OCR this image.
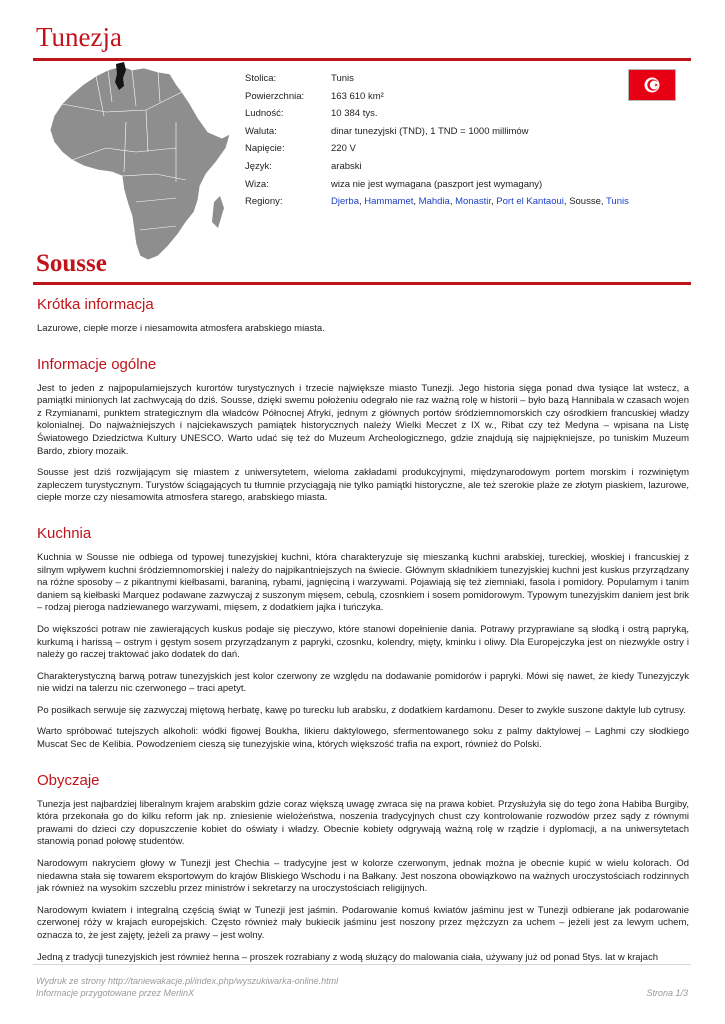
Tunezja
Stolica:	Tunis
Powierzchnia:	163 610 km²
Ludność:	10 384 tys.
Waluta:	dinar tunezyjski (TND), 1 TND = 1000 millimów
Napięcie:	220 V
Język:	arabski
Wiza:	wiza nie jest wymagana (paszport jest wymagany)
Regiony:	Djerba, Hammamet, Mahdia, Monastir, Port el Kantaoui, Sousse, Tunis
Sousse
Krótka informacja

Lazurowe, ciepłe morze i niesamowita atmosfera arabskiego miasta.

Informacje ogólne

Jest to jeden z najpopularniejszych kurortów turystycznych i trzecie największe miasto Tunezji. Jego historia sięga ponad dwa tysiące lat wstecz, a pamiątki minionych lat zachwycają do dziś. Sousse, dzięki swemu położeniu odegrało nie raz ważną rolę w historii – było bazą Hannibala w czasach wojen z Rzymianami, punktem strategicznym dla władców Północnej Afryki, jednym z głównych portów śródziemnomorskich czy ośrodkiem francuskiej władzy kolonialnej. Do najważniejszych i najciekawszych pamiątek historycznych należy Wielki Meczet z IX w., Ribat czy też Medyna – wpisana na Listę Światowego Dziedzictwa Kultury UNESCO. Warto udać się też do Muzeum Archeologicznego, gdzie znajdują się najpiękniejsze, po tuniskim Muzeum Bardo, zbiory mozaik.

Sousse jest dziś rozwijającym się miastem z uniwersytetem, wieloma zakładami produkcyjnymi, międzynarodowym portem morskim i rozwiniętym zapleczem turystycznym. Turystów ściągających tu tłumnie przyciągają nie tylko pamiątki historyczne, ale też szerokie plaże ze złotym piaskiem, lazurowe, ciepłe morze czy niesamowita atmosfera starego, arabskiego miasta.

Kuchnia

Kuchnia w Sousse nie odbiega od typowej tunezyjskiej kuchni, która charakteryzuje się mieszanką kuchni arabskiej, tureckiej, włoskiej i francuskiej z silnym wpływem kuchni śródziemnomorskiej i należy do najpikantniejszych na świecie. Głównym składnikiem tunezyjskiej kuchni jest kuskus przyrządzany na różne sposoby – z pikantnymi kiełbasami, baraniną, rybami, jagnięciną i warzywami. Pojawiają się też ziemniaki, fasola i pomidory. Popularnym i tanim daniem są kiełbaski Marquez podawane zazwyczaj z suszonym mięsem, cebulą, czosnkiem i sosem pomidorowym. Typowym tunezyjskim daniem jest brik – rodzaj pieroga nadziewanego warzywami, mięsem, z dodatkiem jajka i tuńczyka.

Do większości potraw nie zawierających kuskus podaje się pieczywo, które stanowi dopełnienie dania. Potrawy przyprawiane są słodką i ostrą papryką, kurkumą i harissą – ostrym i gęstym sosem przyrządzanym z papryki, czosnku, kolendry, mięty, kminku i oliwy. Dla Europejczyka jest on niezwykle ostry i należy go raczej traktować jako dodatek do dań.

Charakterystyczną barwą potraw tunezyjskich jest kolor czerwony ze względu na dodawanie pomidorów i papryki. Mówi się nawet, że kiedy Tunezyjczyk nie widzi na talerzu nic czerwonego – traci apetyt.

Po posiłkach serwuje się zazwyczaj miętową herbatę, kawę po turecku lub arabsku, z dodatkiem kardamonu. Deser to zwykle suszone daktyle lub cytrusy.

Warto spróbować tutejszych alkoholi: wódki figowej Boukha, likieru daktylowego, sfermentowanego soku z palmy daktylowej – Laghmi czy słodkiego Muscat Sec de Kelibia. Powodzeniem cieszą się tunezyjskie wina, których większość trafia na export, również do Polski.

Obyczaje

Tunezja jest najbardziej liberalnym krajem arabskim gdzie coraz większą uwagę zwraca się na prawa kobiet. Przysłużyła się do tego żona Habiba Burgiby, która przekonała go do kilku reform jak np. zniesienie wielożeństwa, noszenia tradycyjnych chust czy kontrolowanie rozwodów przez sądy z równymi prawami do dzieci czy dopuszczenie kobiet do oświaty i władzy. Obecnie kobiety odgrywają ważną rolę w rządzie i dyplomacji, a na uniwersytetach stanowią ponad połowę studentów.

Narodowym nakryciem głowy w Tunezji jest Chechia – tradycyjne jest w kolorze czerwonym, jednak można je obecnie kupić w wielu kolorach. Od niedawna stała się towarem eksportowym do krajów Bliskiego Wschodu i na Bałkany. Jest noszona obowiązkowo na ważnych uroczystościach rodzinnych jak również na wysokim szczeblu przez ministrów i sekretarzy na uroczystościach religijnych.

Narodowym kwiatem i integralną częścią świąt w Tunezji jest jaśmin. Podarowanie komuś kwiatów jaśminu jest w Tunezji odbierane jak podarowanie czerwonej róży w krajach europejskich. Często również mały bukiecik jaśminu jest noszony przez mężczyzn za uchem – jeżeli jest za lewym uchem, oznacza to, że jest zajęty, jeżeli za prawy – jest wolny.

Jedną z tradycji tunezyjskich jest również henna – proszek rozrabiany z wodą służący do malowania ciała, używany już od ponad 5tys. lat w krajach

Wydruk ze strony http://taniewakacje.pl/index.php/wyszukiwarka-online.html
Informacje przygotowane przez MerlinX	Strona 1/3
